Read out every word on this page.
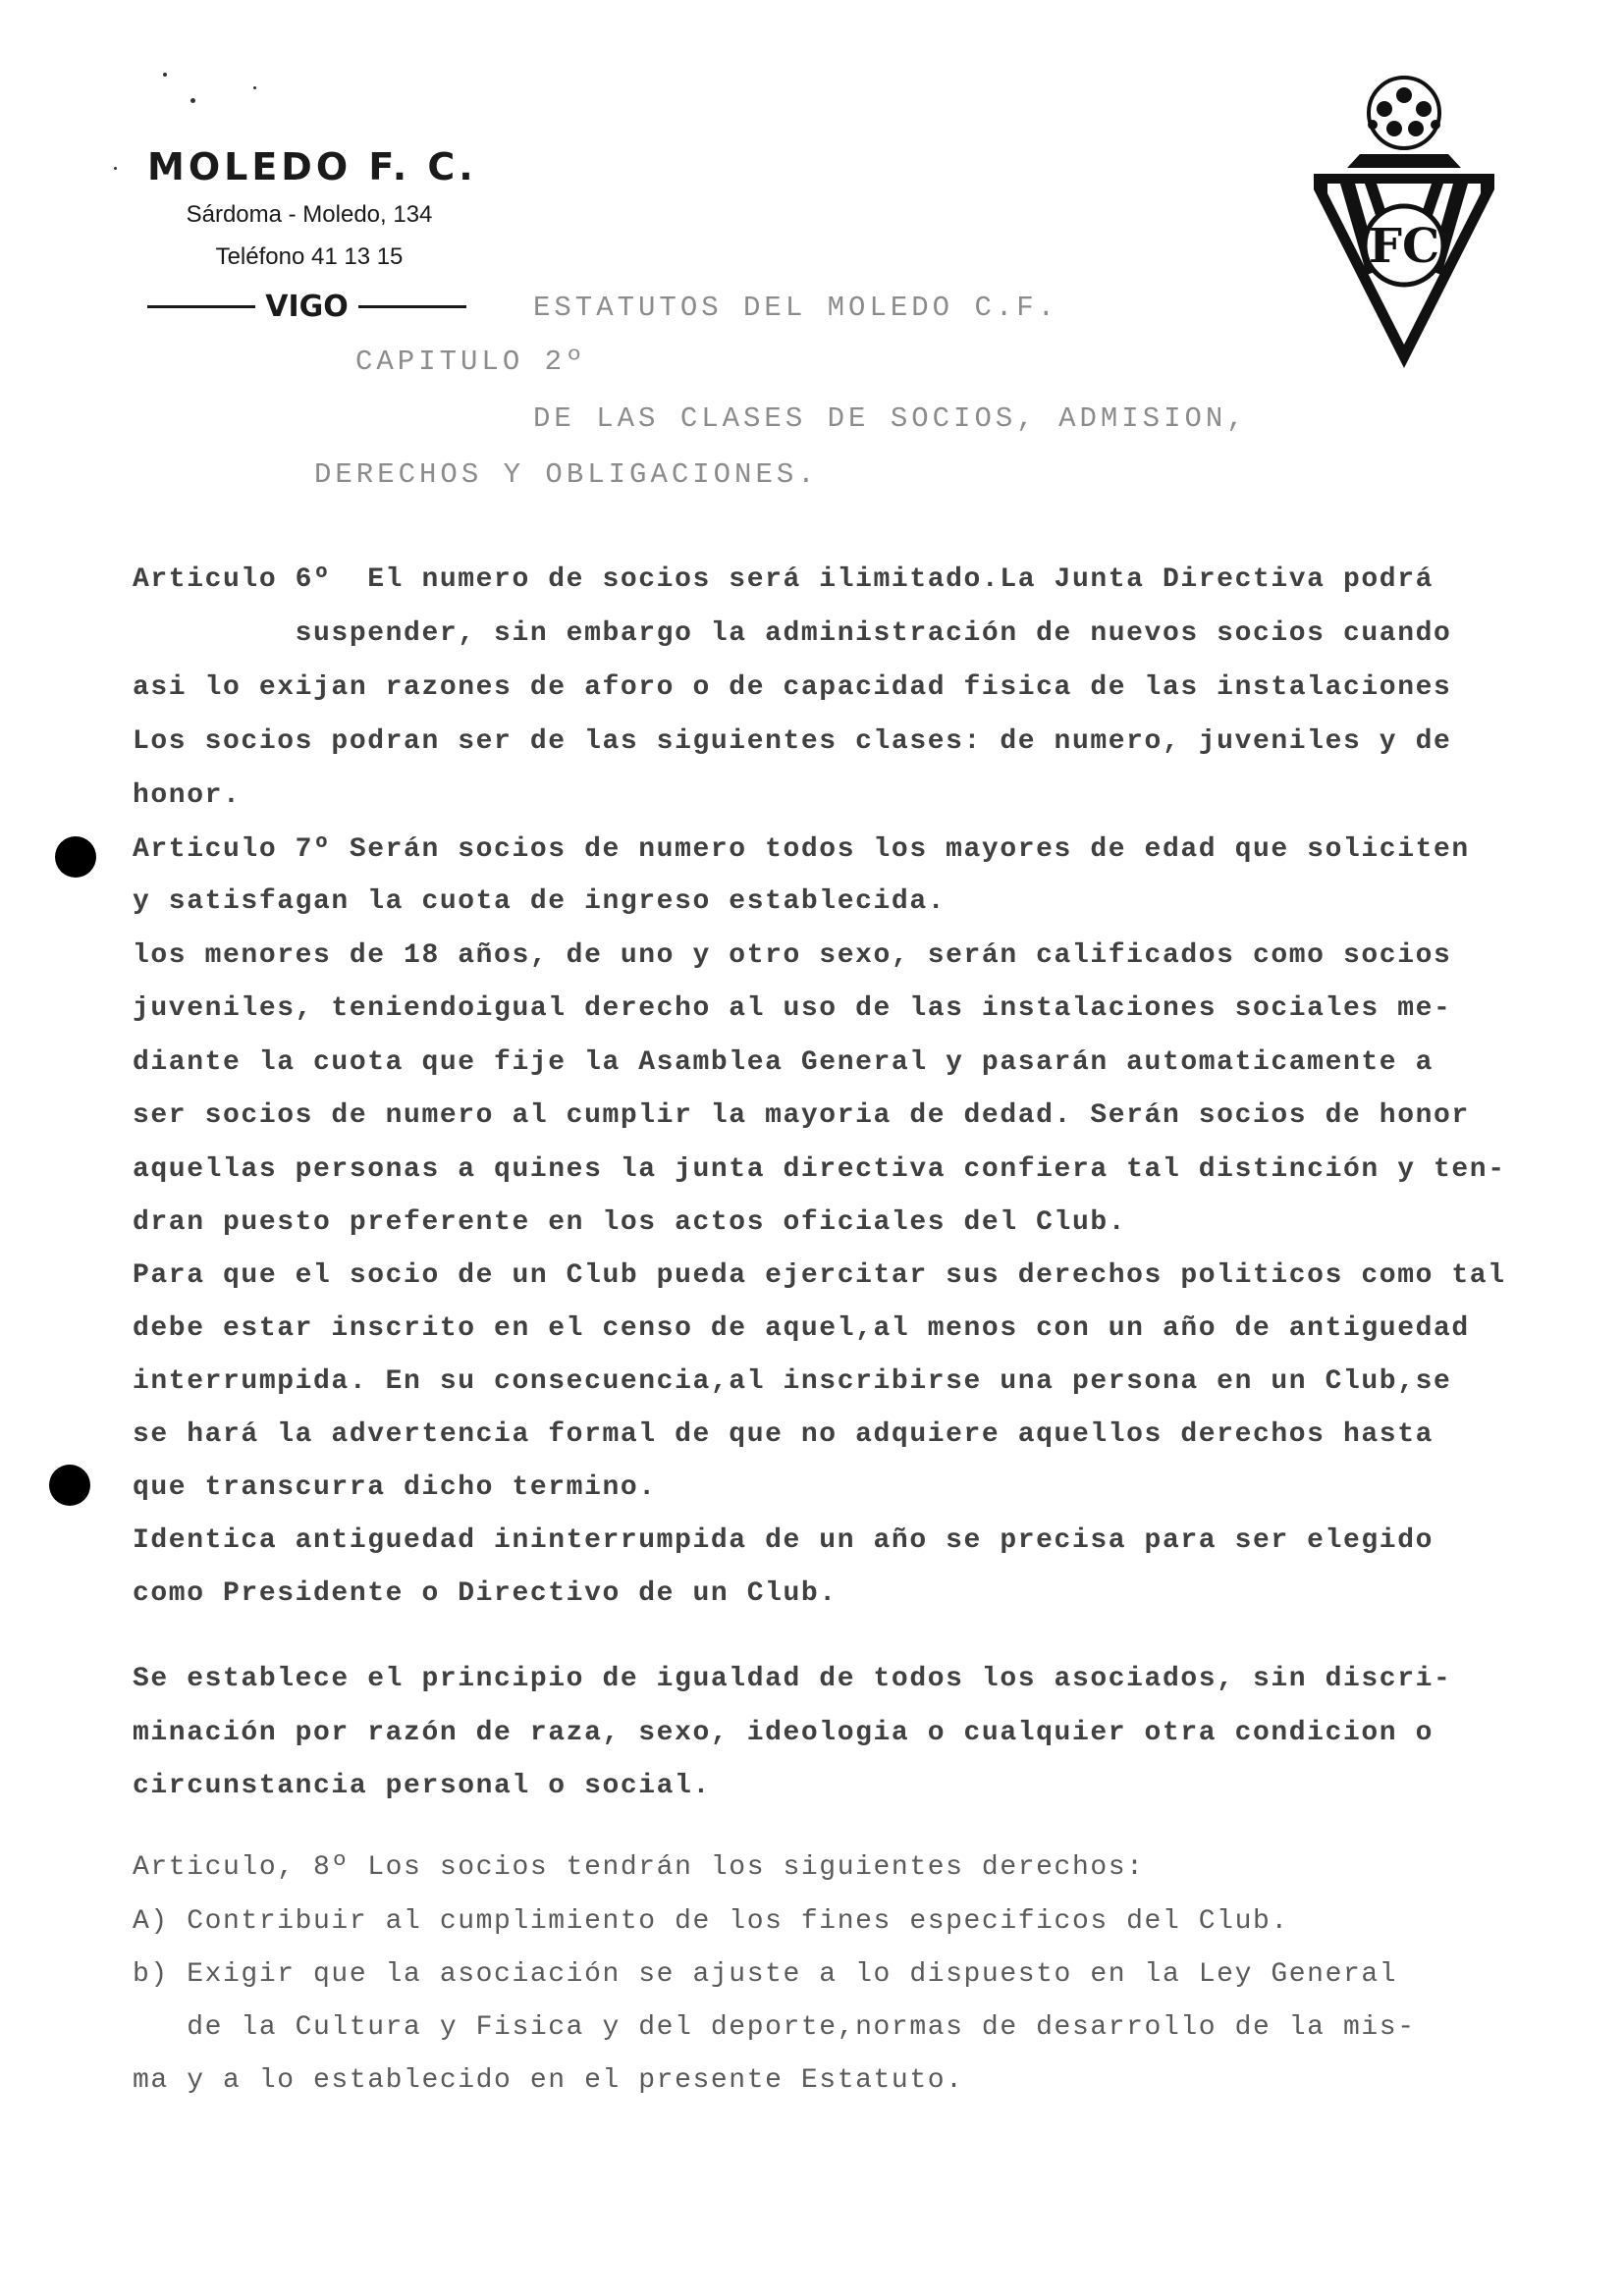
MOLEDO F. C.
Sárdoma - Moledo, 134
Teléfono 41 13 15
VIGO
FC
ESTATUTOS DEL MOLEDO C.F.
CAPITULO 2º
DE LAS CLASES DE SOCIOS, ADMISION,
DERECHOS Y OBLIGACIONES.
Articulo 6º  El numero de socios será ilimitado.La Junta Directiva podrá
suspender, sin embargo la administración de nuevos socios cuando
asi lo exijan razones de aforo o de capacidad fisica de las instalaciones
Los socios podran ser de las siguientes clases: de numero, juveniles y de
honor.
Articulo 7º Serán socios de numero todos los mayores de edad que soliciten
y satisfagan la cuota de ingreso establecida.
los menores de 18 años, de uno y otro sexo, serán calificados como socios
juveniles, teniendoigual derecho al uso de las instalaciones sociales me-
diante la cuota que fije la Asamblea General y pasarán automaticamente a
ser socios de numero al cumplir la mayoria de dedad. Serán socios de honor
aquellas personas a quines la junta directiva confiera tal distinción y ten-
dran puesto preferente en los actos oficiales del Club.
Para que el socio de un Club pueda ejercitar sus derechos politicos como tal
debe estar inscrito en el censo de aquel,al menos con un año de antiguedad
interrumpida. En su consecuencia,al inscribirse una persona en un Club,se
se hará la advertencia formal de que no adquiere aquellos derechos hasta
que transcurra dicho termino.
Identica antiguedad ininterrumpida de un año se precisa para ser elegido
como Presidente o Directivo de un Club.
Se establece el principio de igualdad de todos los asociados, sin discri-
minación por razón de raza, sexo, ideologia o cualquier otra condicion o
circunstancia personal o social.
Articulo, 8º Los socios tendrán los siguientes derechos:
A) Contribuir al cumplimiento de los fines especificos del Club.
b) Exigir que la asociación se ajuste a lo dispuesto en la Ley General
de la Cultura y Fisica y del deporte,normas de desarrollo de la mis-
ma y a lo establecido en el presente Estatuto.
